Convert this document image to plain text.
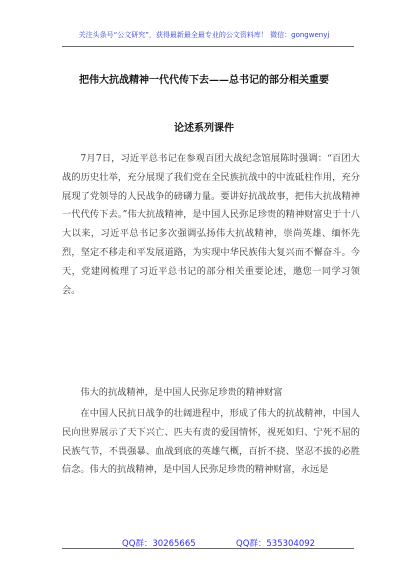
关注头条号“公文研究”，获得最新最全最专业的公文资料库！ 微信：gongwenyj
把伟大抗战精神一代代传下去——总书记的部分相关重要
论述系列课件
7月7日，习近平总书记在参观百团大战纪念馆展陈时强调：“百团大战的历史壮举，充分展现了我们党在全民族抗战中的中流砥柱作用，充分展现了党领导的人民战争的磅礴力量。要讲好抗战故事，把伟大抗战精神一代代传下去。”伟大抗战精神，是中国人民弥足珍贵的精神财富史于十八大以来，习近平总书记多次强调弘扬伟大抗战精神，崇尚英雄、缅怀先烈，坚定不移走和平发展道路，为实现中华民族伟大复兴而不懈奋斗。今天，党建网梳理了习近平总书记的部分相关重要论述，邀您一同学习领会。
伟大的抗战精神，是中国人民弥足珍贵的精神财富
在中国人民抗日战争的壮阔进程中，形成了伟大的抗战精神，中国人民向世界展示了天下兴亡、匹夫有责的爱国情怀，视死如归、宁死不屈的民族气节，不畏强暴、血战到底的英雄气概，百折不挠、坚忍不拔的必胜信念。伟大的抗战精神，是中国人民弥足珍贵的精神财富，永远是
QQ群：30265665	QQ群：535304092
